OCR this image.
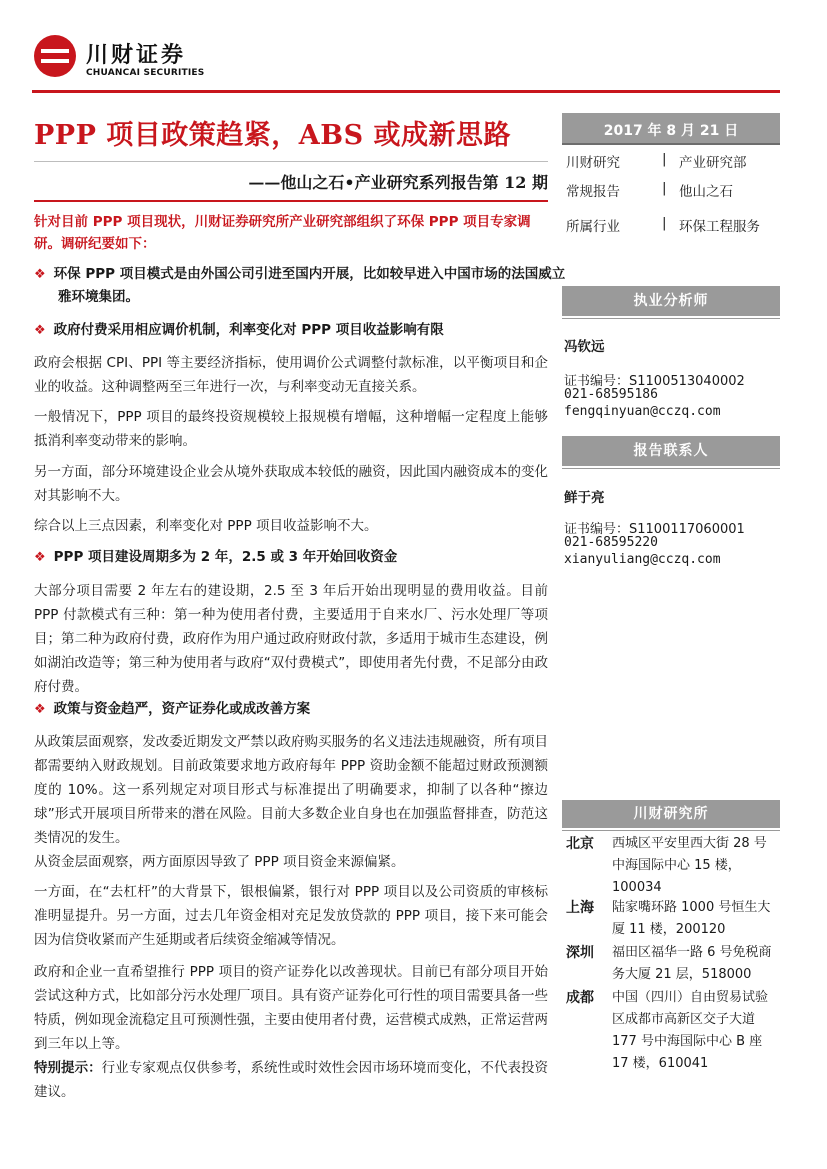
川财证券
CHUANCAI SECURITIES
PPP 项目政策趋紧，ABS 或成新思路
——他山之石•产业研究系列报告第 12 期
针对目前 PPP 项目现状，川财证券研究所产业研究部组织了环保 PPP 项目专家调研。调研纪要如下：
❖ 环保 PPP 项目模式是由外国公司引进至国内开展，比如较早进入中国市场的法国威立雅环境集团。
❖ 政府付费采用相应调价机制，利率变化对 PPP 项目收益影响有限
政府会根据 CPI、PPI 等主要经济指标，使用调价公式调整付款标准，以平衡项目和企业的收益。这种调整两至三年进行一次，与利率变动无直接关系。
一般情况下，PPP 项目的最终投资规模较上报规模有增幅，这种增幅一定程度上能够抵消利率变动带来的影响。
另一方面，部分环境建设企业会从境外获取成本较低的融资，因此国内融资成本的变化对其影响不大。
综合以上三点因素，利率变化对 PPP 项目收益影响不大。
❖ PPP 项目建设周期多为 2 年，2.5 或 3 年开始回收资金
大部分项目需要 2 年左右的建设期，2.5 至 3 年后开始出现明显的费用收益。目前 PPP 付款模式有三种：第一种为使用者付费，主要适用于自来水厂、污水处理厂等项目；第二种为政府付费，政府作为用户通过政府财政付款，多适用于城市生态建设，例如湖泊改造等；第三种为使用者与政府“双付费模式”，即使用者先付费，不足部分由政府付费。
❖ 政策与资金趋严，资产证券化或成改善方案
从政策层面观察，发改委近期发文严禁以政府购买服务的名义违法违规融资，所有项目都需要纳入财政规划。目前政策要求地方政府每年 PPP 资助金额不能超过财政预测额度的 10%。这一系列规定对项目形式与标准提出了明确要求，抑制了以各种“擦边球”形式开展项目所带来的潜在风险。目前大多数企业自身也在加强监督排查，防范这类情况的发生。
从资金层面观察，两方面原因导致了 PPP 项目资金来源偏紧。
一方面，在“去杠杆”的大背景下，银根偏紧，银行对 PPP 项目以及公司资质的审核标准明显提升。另一方面，过去几年资金相对充足发放贷款的 PPP 项目，接下来可能会因为信贷收紧而产生延期或者后续资金缩减等情况。
政府和企业一直希望推行 PPP 项目的资产证券化以改善现状。目前已有部分项目开始尝试这种方式，比如部分污水处理厂项目。具有资产证券化可行性的项目需要具备一些特质，例如现金流稳定且可预测性强，主要由使用者付费，运营模式成熟，正常运营两到三年以上等。
特别提示：行业专家观点仅供参考，系统性或时效性会因市场环境而变化，不代表投资建议。
2017 年 8 月 21 日
川财研究	| 产业研究部
常规报告	| 他山之石
所属行业	| 环保工程服务
执业分析师
冯钦远
证书编号：S1100513040002
021-68595186
fengqinyuan@cczq.com
报告联系人
鲜于亮
证书编号：S1100117060001
021-68595220
xianyuliang@cczq.com
川财研究所
北京 西城区平安里西大街 28 号中海国际中心 15 楼，100034
上海 陆家嘴环路 1000 号恒生大厦 11 楼，200120
深圳 福田区福华一路 6 号免税商务大厦 21 层，518000
成都 中国（四川）自由贸易试验区成都市高新区交子大道 177 号中海国际中心 B 座 17 楼，610041
